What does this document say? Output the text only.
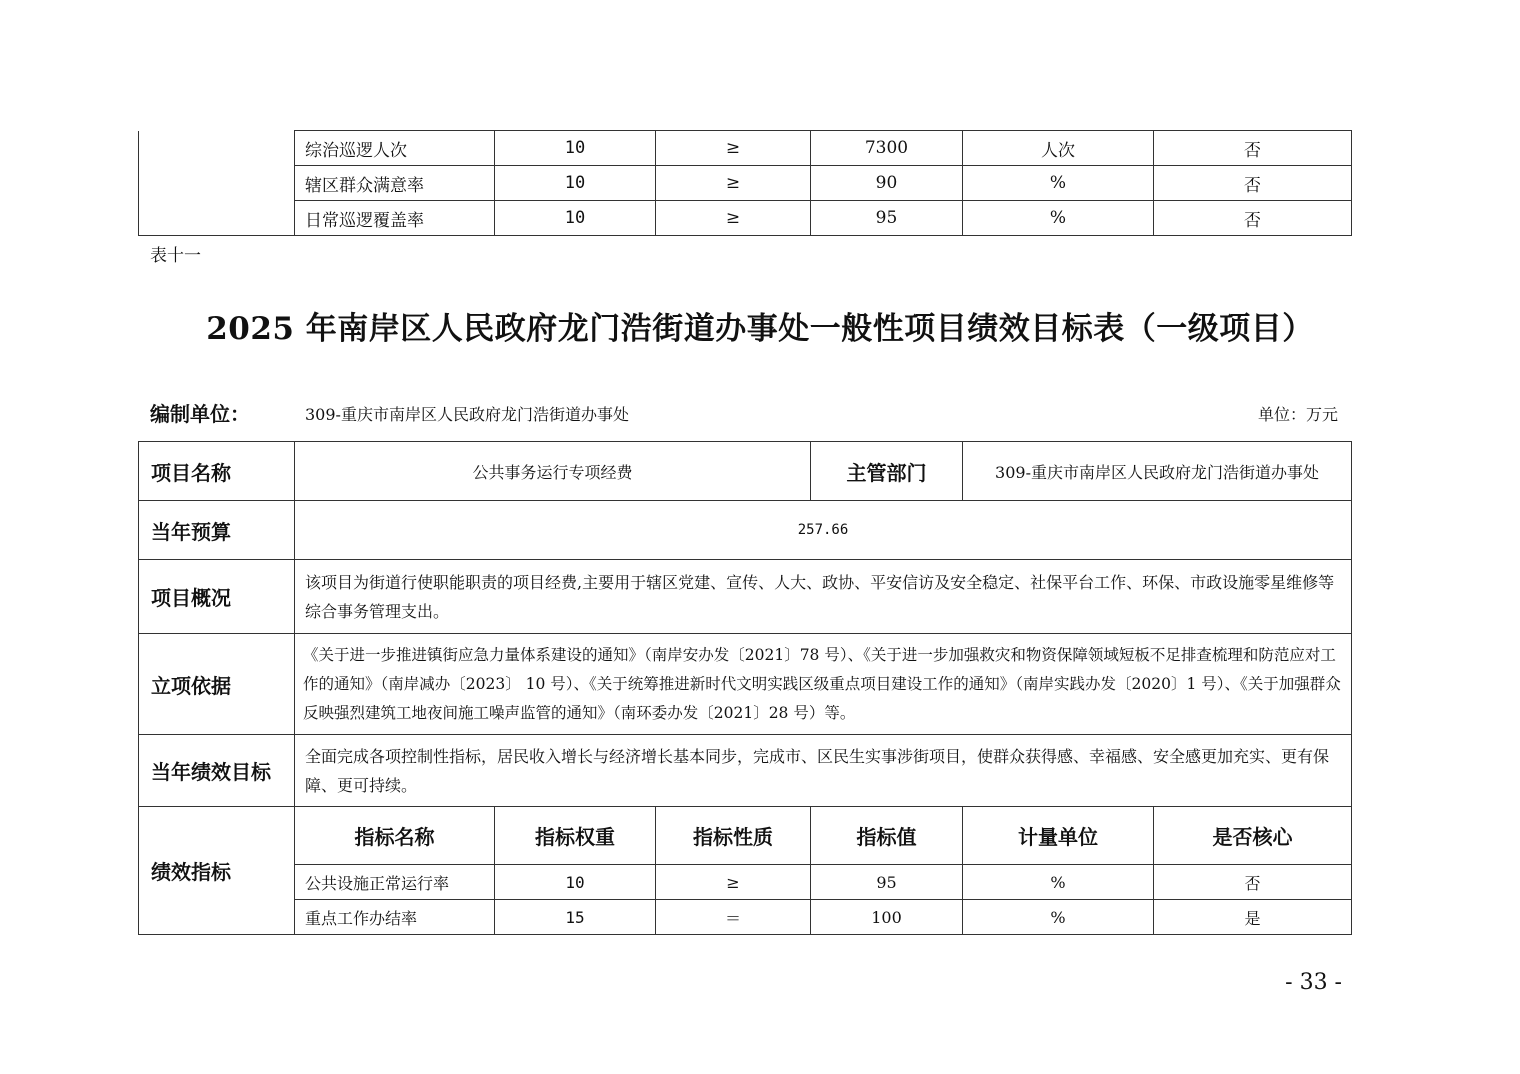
	综治巡逻人次	10	≥	7300	人次	否
	辖区群众满意率	10	≥	90	%	否
	日常巡逻覆盖率	10	≥	95	%	否
表十一
2025 年南岸区人民政府龙门浩街道办事处一般性项目绩效目标表（一级项目）
编制单位：	309-重庆市南岸区人民政府龙门浩街道办事处	单位：万元
项目名称	公共事务运行专项经费			主管部门	309-重庆市南岸区人民政府龙门浩街道办事处	
当年预算	257.66					
项目概况	该项目为街道行使职能职责的项目经费,主要用于辖区党建、宣传、人大、政协、平安信访及安全稳定、社保平台工作、环保、市政设施零星维修等综合事务管理支出。					
立项依据	《关于进一步推进镇街应急力量体系建设的通知》（南岸安办发〔2021〕78 号）、《关于进一步加强救灾和物资保障领域短板不足排查梳理和防范应对工作的通知》（南岸减办〔2023〕 10 号）、《关于统筹推进新时代文明实践区级重点项目建设工作的通知》（南岸实践办发〔2020〕1 号）、《关于加强群众反映强烈建筑工地夜间施工噪声监管的通知》（南环委办发〔2021〕28 号）等。					
当年绩效目标	全面完成各项控制性指标，居民收入增长与经济增长基本同步，完成市、区民生实事涉街项目，使群众获得感、幸福感、安全感更加充实、更有保障、更可持续。					
绩效指标	指标名称	指标权重	指标性质	指标值	计量单位	是否核心
	公共设施正常运行率	10	≥	95	%	否
	重点工作办结率	15	＝	100	%	是
- 33 -
